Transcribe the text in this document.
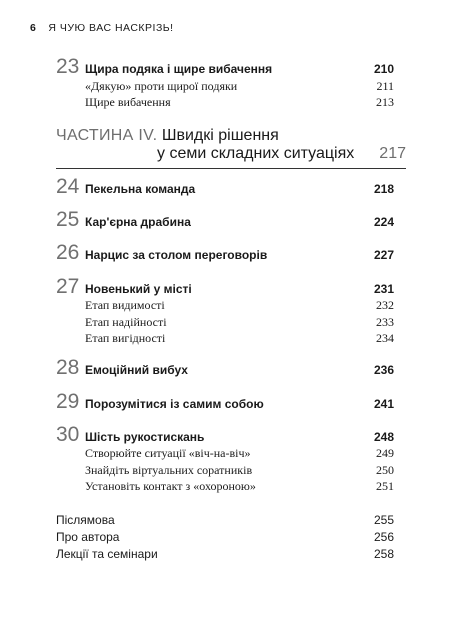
6 Я ЧУЮ ВАС НАСКРІЗЬ!
23 Щира подяка і щире вибачення	210
«Дякую» проти щирої подяки	211
Щире вибачення	213
ЧАСТИНА IV. Швидкі рішення
у семи складних ситуаціях 217
24 Пекельна команда	218
25 Кар'єрна драбина	224
26 Нарцис за столом переговорів	227
27 Новенький у місті	231
Етап видимості	232
Етап надійності	233
Етап вигідності	234
28 Емоційний вибух	236
29 Порозумітися із самим собою	241
30 Шість рукостискань	248
Створюйте ситуації «віч-на-віч»	249
Знайдіть віртуальних соратників	250
Установіть контакт з «охороною»	251
Післямова	255
Про автора	256
Лекції та семінари	258
